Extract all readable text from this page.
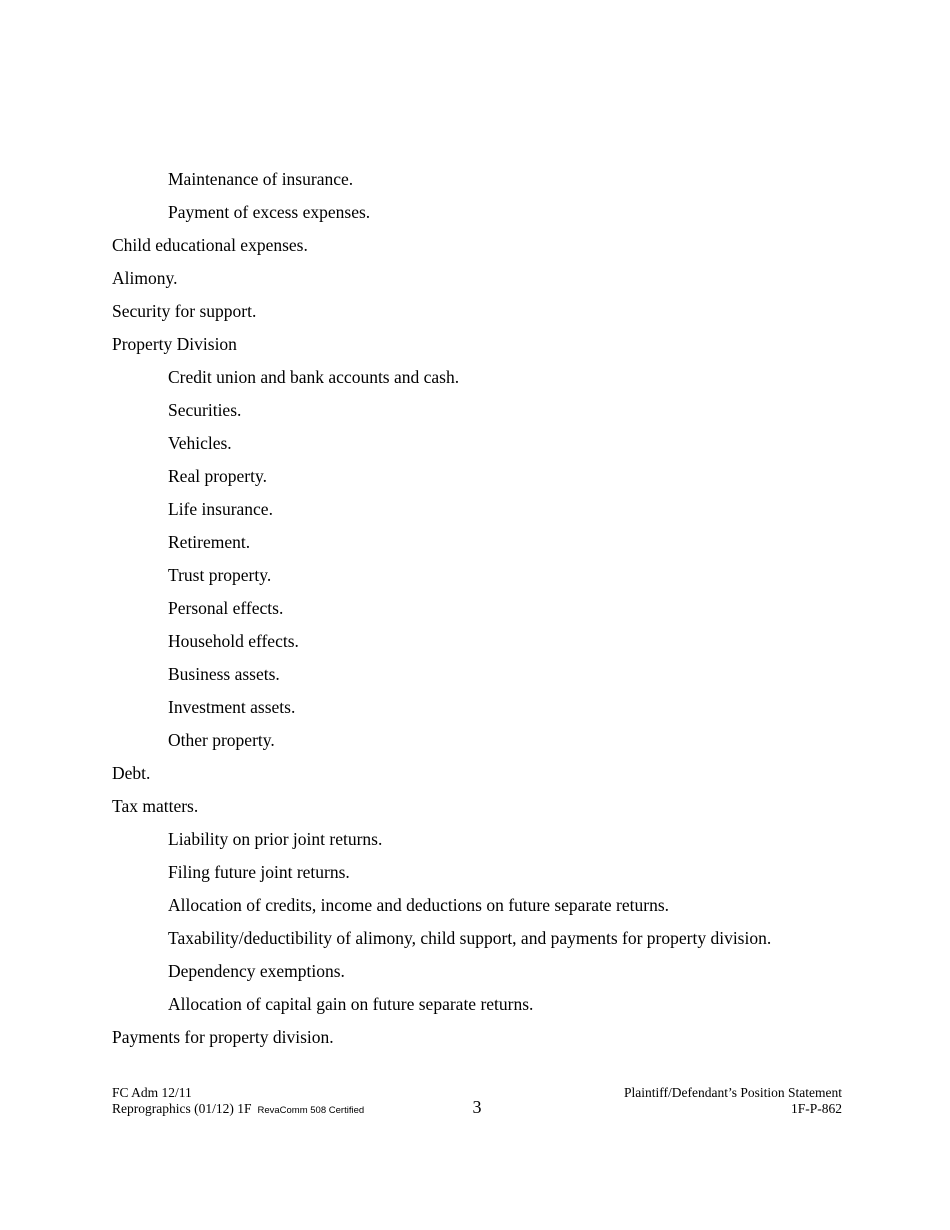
Maintenance of insurance.
Payment of excess expenses.
Child educational expenses.
Alimony.
Security for support.
Property Division
Credit union and bank accounts and cash.
Securities.
Vehicles.
Real property.
Life insurance.
Retirement.
Trust property.
Personal effects.
Household effects.
Business assets.
Investment assets.
Other property.
Debt.
Tax matters.
Liability on prior joint returns.
Filing future joint returns.
Allocation of credits, income and deductions on future separate returns.
Taxability/deductibility of alimony, child support, and payments for property division.
Dependency exemptions.
Allocation of capital gain on future separate returns.
Payments for property division.
FC Adm 12/11
Reprographics (01/12) 1F RevaComm 508 Certified	3
Plaintiff/Defendant’s Position Statement
1F-P-862
